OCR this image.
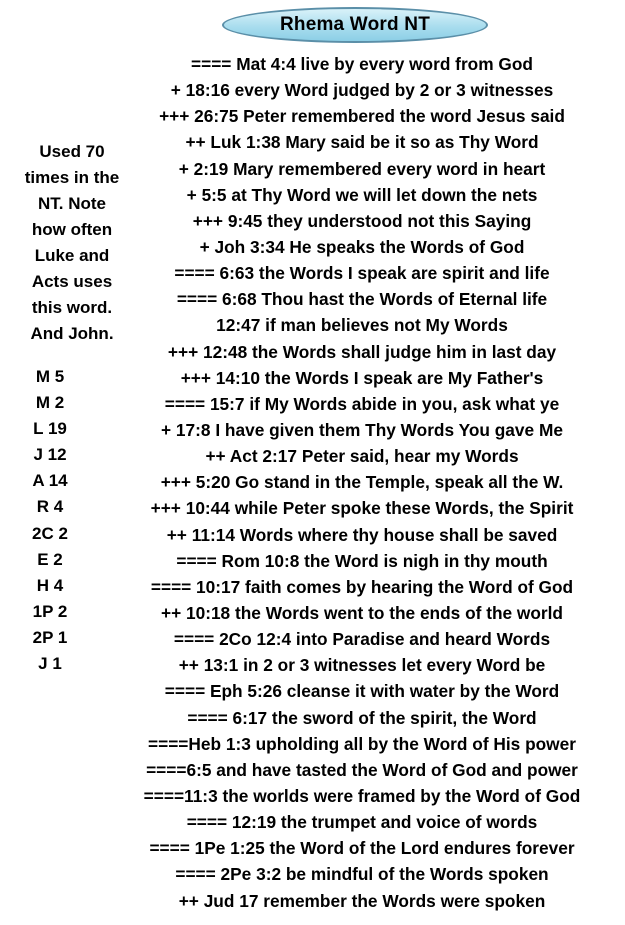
Rhema Word NT
Used 70
times in the
NT. Note
how often
Luke and
Acts uses
this word.
And John.
M 5
M 2
L 19
J 12
A 14
R 4
2C 2
E 2
H 4
1P 2
2P 1
J 1
==== Mat 4:4 live by every word from God
+ 18:16 every Word judged by 2 or 3 witnesses
+++ 26:75 Peter remembered the word Jesus said
++ Luk 1:38 Mary said be it so as Thy Word
+ 2:19 Mary remembered every word in heart
+ 5:5 at Thy Word we will let down the nets
+++ 9:45 they understood not this Saying
+ Joh 3:34 He speaks the Words of God
==== 6:63 the Words I speak are spirit and life
==== 6:68 Thou hast the Words of Eternal life
12:47 if man believes not My Words
+++ 12:48 the Words shall judge him in last day
+++ 14:10 the Words I speak are My Father's
==== 15:7 if My Words abide in you, ask what ye
+ 17:8 I have given them Thy Words You gave Me
++ Act 2:17 Peter said, hear my Words
+++ 5:20 Go stand in the Temple, speak all the W.
+++ 10:44 while Peter spoke these Words, the Spirit
++ 11:14 Words where thy house shall be saved
==== Rom 10:8 the Word is nigh in thy mouth
==== 10:17 faith comes by hearing the Word of God
++ 10:18 the Words went to the ends of the world
==== 2Co 12:4 into Paradise and heard Words
++ 13:1 in 2 or 3 witnesses let every Word be
==== Eph 5:26 cleanse it with water by the Word
==== 6:17 the sword of the spirit, the Word
====Heb 1:3 upholding all by the Word of His power
====6:5 and have tasted the Word of God and power
====11:3 the worlds were framed by the Word of God
==== 12:19 the trumpet and voice of words
==== 1Pe 1:25 the Word of the Lord endures forever
==== 2Pe 3:2 be mindful of the Words spoken
++ Jud 17 remember the Words were spoken
